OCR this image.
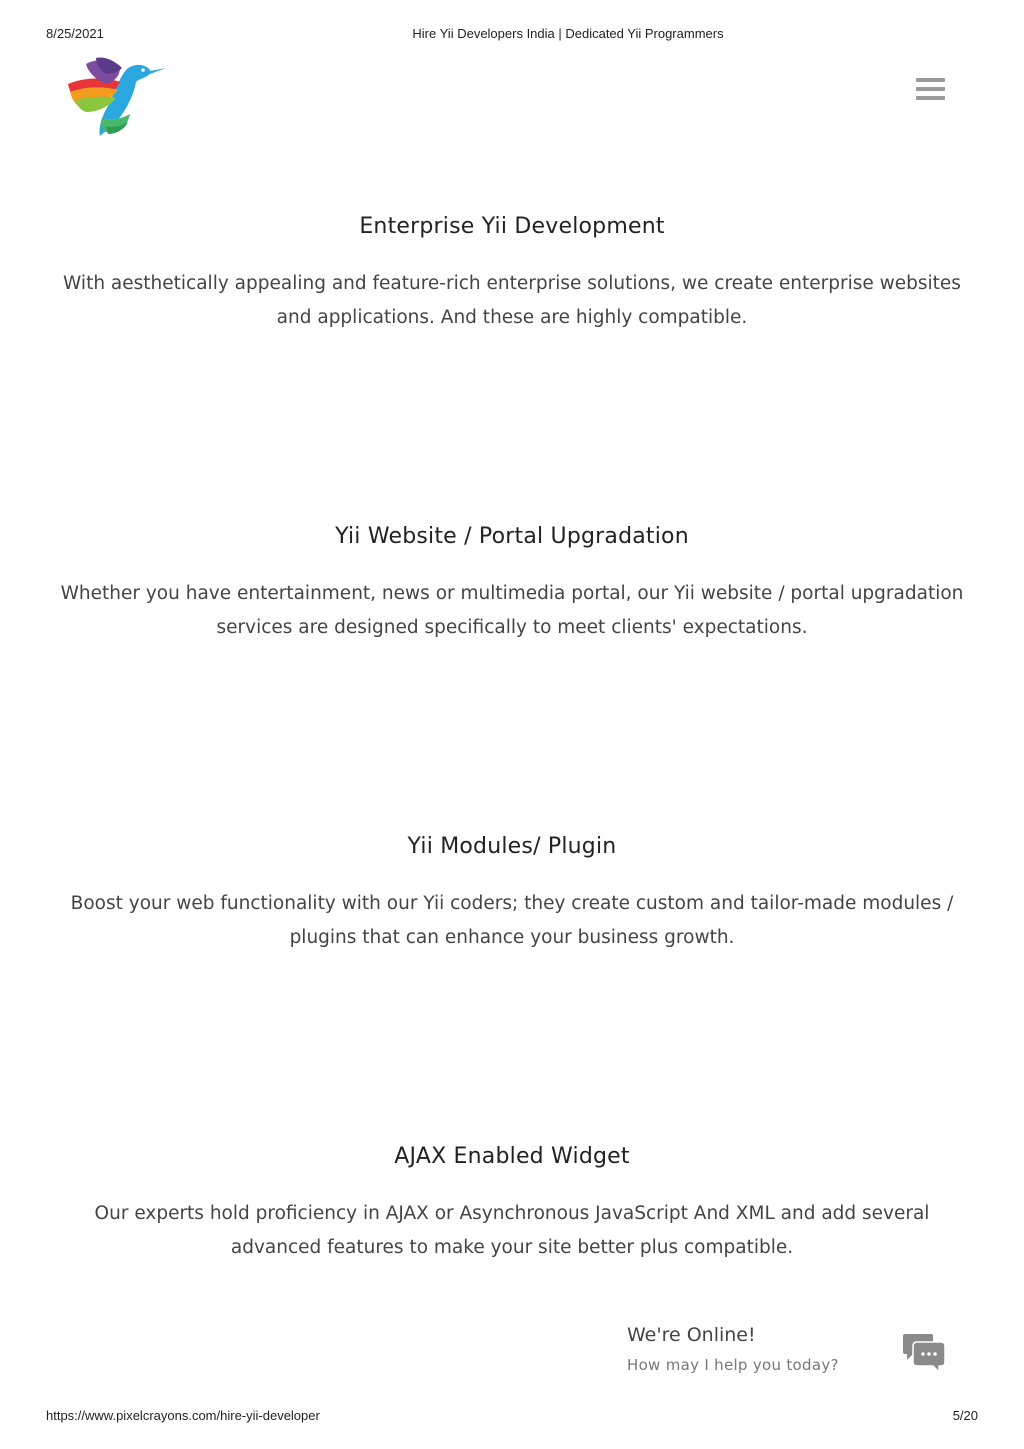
8/25/2021	Hire Yii Developers India | Dedicated Yii Programmers
Enterprise Yii Development

With aesthetically appealing and feature-rich enterprise solutions, we create enterprise websites and applications. And these are highly compatible.

Yii Website / Portal Upgradation

Whether you have entertainment, news or multimedia portal, our Yii website / portal upgradation services are designed specifically to meet clients' expectations.

Yii Modules/ Plugin

Boost your web functionality with our Yii coders; they create custom and tailor-made modules / plugins that can enhance your business growth.

AJAX Enabled Widget

Our experts hold proficiency in AJAX or Asynchronous JavaScript And XML and add several advanced features to make your site better plus compatible.

We're Online!
How may I help you today?
https://www.pixelcrayons.com/hire-yii-developer	5/20
